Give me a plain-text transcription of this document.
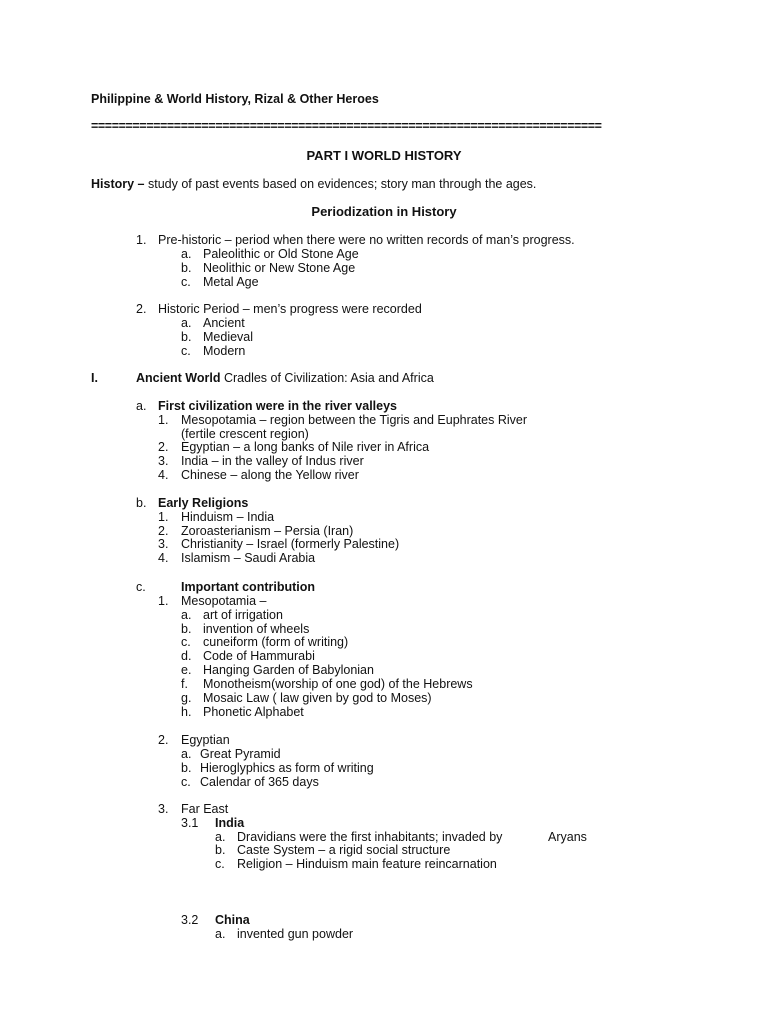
Philippine & World History, Rizal & Other Heroes
==========================================================================
PART I WORLD HISTORY
History – study of past events based on evidences; story man through the ages.
Periodization in History
1. Pre-historic – period when there were no written records of man’s progress.
a. Paleolithic or Old Stone Age
b. Neolithic or New Stone Age
c. Metal Age
2. Historic Period – men’s progress were recorded
a. Ancient
b. Medieval
c. Modern
I.	Ancient World Cradles of Civilization: Asia and Africa
a. First civilization were in the river valleys
1. Mesopotamia – region between the Tigris and Euphrates River
(fertile crescent region)
2. Egyptian – a long banks of Nile river in Africa
3. India – in the valley of Indus river
4. Chinese – along the Yellow river
b. Early Religions
1. Hinduism – India
2. Zoroasterianism – Persia (Iran)
3. Christianity – Israel (formerly Palestine)
4. Islamism – Saudi Arabia
c.	Important contribution
1. Mesopotamia –
a. art of irrigation
b. invention of wheels
c. cuneiform (form of writing)
d. Code of Hammurabi
e. Hanging Garden of Babylonian
f. Monotheism(worship of one god) of the Hebrews
g. Mosaic Law ( law given by god to Moses)
h. Phonetic Alphabet
2. Egyptian
a. Great Pyramid
b. Hieroglyphics as form of writing
c. Calendar of 365 days
3. Far East
3.1 India
a. Dravidians were the first inhabitants; invaded by	Aryans
b. Caste System – a rigid social structure
c. Religion – Hinduism main feature reincarnation
3.2 China
a. invented gun powder
